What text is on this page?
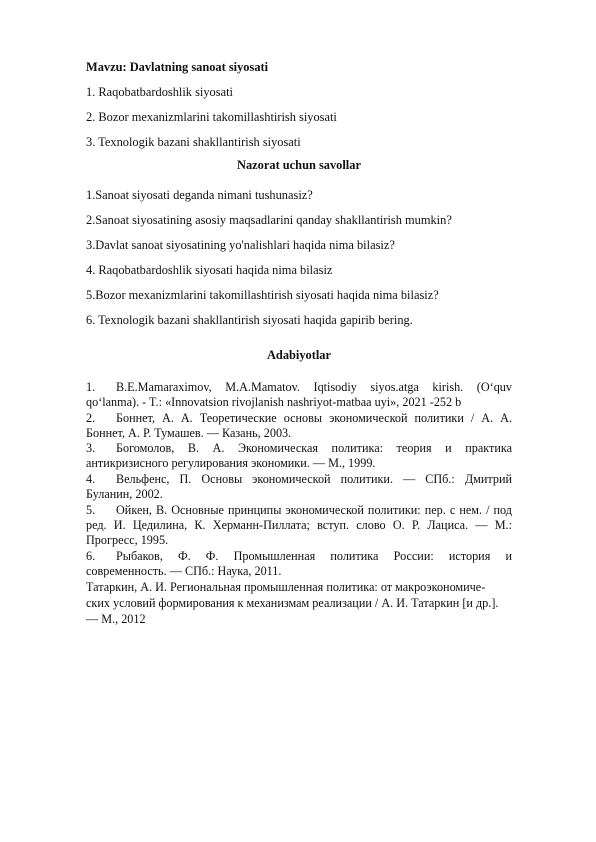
Mavzu: Davlatning sanoat siyosati
1. Raqobatbardoshlik siyosati
2. Bozor mexanizmlarini takomillashtirish siyosati
3. Texnologik bazani shakllantirish siyosati
Nazorat uchun savollar
1.Sanoat siyosati deganda nimani tushunasiz?
2.Sanoat siyosatining asosiy maqsadlarini qanday shakllantirish mumkin?
3.Davlat sanoat siyosatining yo'nalishlari haqida nima bilasiz?
4. Raqobatbardoshlik siyosati haqida nima bilasiz
5.Bozor mexanizmlarini takomillashtirish siyosati haqida nima bilasiz?
6. Texnologik bazani shakllantirish siyosati haqida gapirib bering.
Adabiyotlar
1.	B.E.Mamaraximov, M.A.Mamatov. Iqtisodiy siyos.atga kirish. (O‘quv
qo‘lanma). - T.: «Innovatsion rivojlanish nashriyot-matbaa uyi», 2021 -252 b
2.	Боннет, А. А. Теоретические основы экономической политики / А. А.
Боннет, А. Р. Тумашев. — Казань, 2003.
3.	Богомолов, В. А. Экономическая политика: теория и практика
антикризисного регулирования экономики. — М., 1999.
4.	Вельфенс, П. Основы экономической политики. — СПб.: Дмитрий
Буланин, 2002.
5.	Ойкен, В. Основные принципы экономической политики: пер. с нем. / под
ред. И. Цедилина, К. Херманн-Пиллата; вступ. слово О. Р. Лациса. — М.:
Прогресс, 1995.
6.	Рыбаков, Ф. Ф. Промышленная политика России: история и
современность. — СПб.: Наука, 2011.
Татаркин, А. И. Региональная промышленная политика: от макроэкономиче-
ских условий формирования к механизмам реализации / А. И. Татаркин [и др.].
— М., 2012
